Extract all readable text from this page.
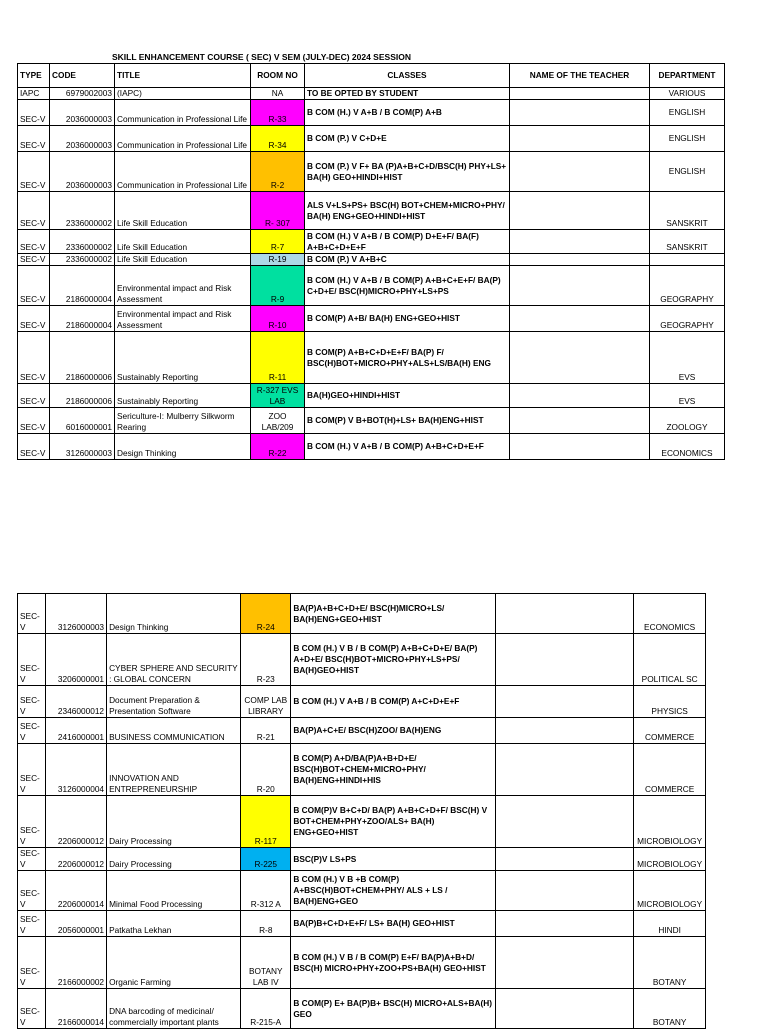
SKILL ENHANCEMENT COURSE ( SEC) V SEM (JULY-DEC) 2024 SESSION
TYPE	CODE	TITLE	ROOM NO	CLASSES	NAME OF THE TEACHER	DEPARTMENT
IAPC	6979002003	(IAPC)	NA	TO BE OPTED BY STUDENT		VARIOUS
SEC-V	2036000003	Communication in Professional Life	R-33	B COM (H.) V A+B / B COM(P) A+B		ENGLISH
SEC-V	2036000003	Communication in Professional Life	R-34	B COM (P.) V C+D+E		ENGLISH
SEC-V	2036000003	Communication in Professional Life	R-2	B COM (P.) V F+ BA (P)A+B+C+D/BSC(H) PHY+LS+ BA(H) GEO+HINDI+HIST		ENGLISH
SEC-V	2336000002	Life Skill Education	R- 307	ALS V+LS+PS+ BSC(H) BOT+CHEM+MICRO+PHY/ BA(H) ENG+GEO+HINDI+HIST		SANSKRIT
SEC-V	2336000002	Life Skill Education	R-7	B COM (H.) V A+B / B COM(P) D+E+F/ BA(F) A+B+C+D+E+F		SANSKRIT
SEC-V	2336000002	Life Skill Education	R-19	B COM (P.) V A+B+C		
SEC-V	2186000004	Environmental impact and Risk Assessment	R-9	B COM (H.) V A+B / B COM(P) A+B+C+E+F/ BA(P) C+D+E/ BSC(H)MICRO+PHY+LS+PS		GEOGRAPHY
SEC-V	2186000004	Environmental impact and Risk Assessment	R-10	B COM(P) A+B/ BA(H) ENG+GEO+HIST		GEOGRAPHY
SEC-V	2186000006	Sustainably Reporting	R-11	B COM(P) A+B+C+D+E+F/ BA(P) F/ BSC(H)BOT+MICRO+PHY+ALS+LS/BA(H) ENG		EVS
SEC-V	2186000006	Sustainably Reporting	R-327 EVS LAB	BA(H)GEO+HINDI+HIST		EVS
SEC-V	6016000001	Sericulture-I: Mulberry Silkworm Rearing	ZOO LAB/209	B COM(P) V B+BOT(H)+LS+ BA(H)ENG+HIST		ZOOLOGY
SEC-V	3126000003	Design Thinking	R-22	B COM (H.) V A+B / B COM(P) A+B+C+D+E+F		ECONOMICS
SEC-V	3126000003	Design Thinking	R-24	BA(P)A+B+C+D+E/ BSC(H)MICRO+LS/ BA(H)ENG+GEO+HIST		ECONOMICS
SEC-V	3206000001	CYBER SPHERE AND SECURITY : GLOBAL CONCERN	R-23	B COM (H.) V B / B COM(P) A+B+C+D+E/ BA(P) A+D+E/ BSC(H)BOT+MICRO+PHY+LS+PS/ BA(H)GEO+HIST		POLITICAL SC
SEC-V	2346000012	Document Preparation & Presentation Software	COMP LAB LIBRARY	B COM (H.) V A+B / B COM(P) A+C+D+E+F		PHYSICS
SEC-V	2416000001	BUSINESS COMMUNICATION	R-21	BA(P)A+C+E/ BSC(H)ZOO/ BA(H)ENG		COMMERCE
SEC-V	3126000004	INNOVATION AND ENTREPRENEURSHIP	R-20	B COM(P) A+D/BA(P)A+B+D+E/ BSC(H)BOT+CHEM+MICRO+PHY/ BA(H)ENG+HINDI+HIS		COMMERCE
SEC-V	2206000012	Dairy Processing	R-117	B COM(P)V B+C+D/ BA(P) A+B+C+D+F/ BSC(H) V BOT+CHEM+PHY+ZOO/ALS+ BA(H) ENG+GEO+HIST		MICROBIOLOGY
SEC-V	2206000012	Dairy Processing	R-225	BSC(P)V LS+PS		MICROBIOLOGY
SEC-V	2206000014	Minimal Food Processing	R-312 A	B COM (H.) V B +B COM(P) A+BSC(H)BOT+CHEM+PHY/ ALS + LS / BA(H)ENG+GEO		MICROBIOLOGY
SEC-V	2056000001	Patkatha Lekhan	R-8	BA(P)B+C+D+E+F/ LS+ BA(H) GEO+HIST		HINDI
SEC-V	2166000002	Organic Farming	BOTANY LAB IV	B COM (H.) V B / B COM(P) E+F/ BA(P)A+B+D/ BSC(H) MICRO+PHY+ZOO+PS+BA(H) GEO+HIST		BOTANY
SEC-V	2166000014	DNA barcoding of medicinal/ commercially important plants	R-215-A	B COM(P) E+ BA(P)B+ BSC(H) MICRO+ALS+BA(H) GEO		BOTANY
